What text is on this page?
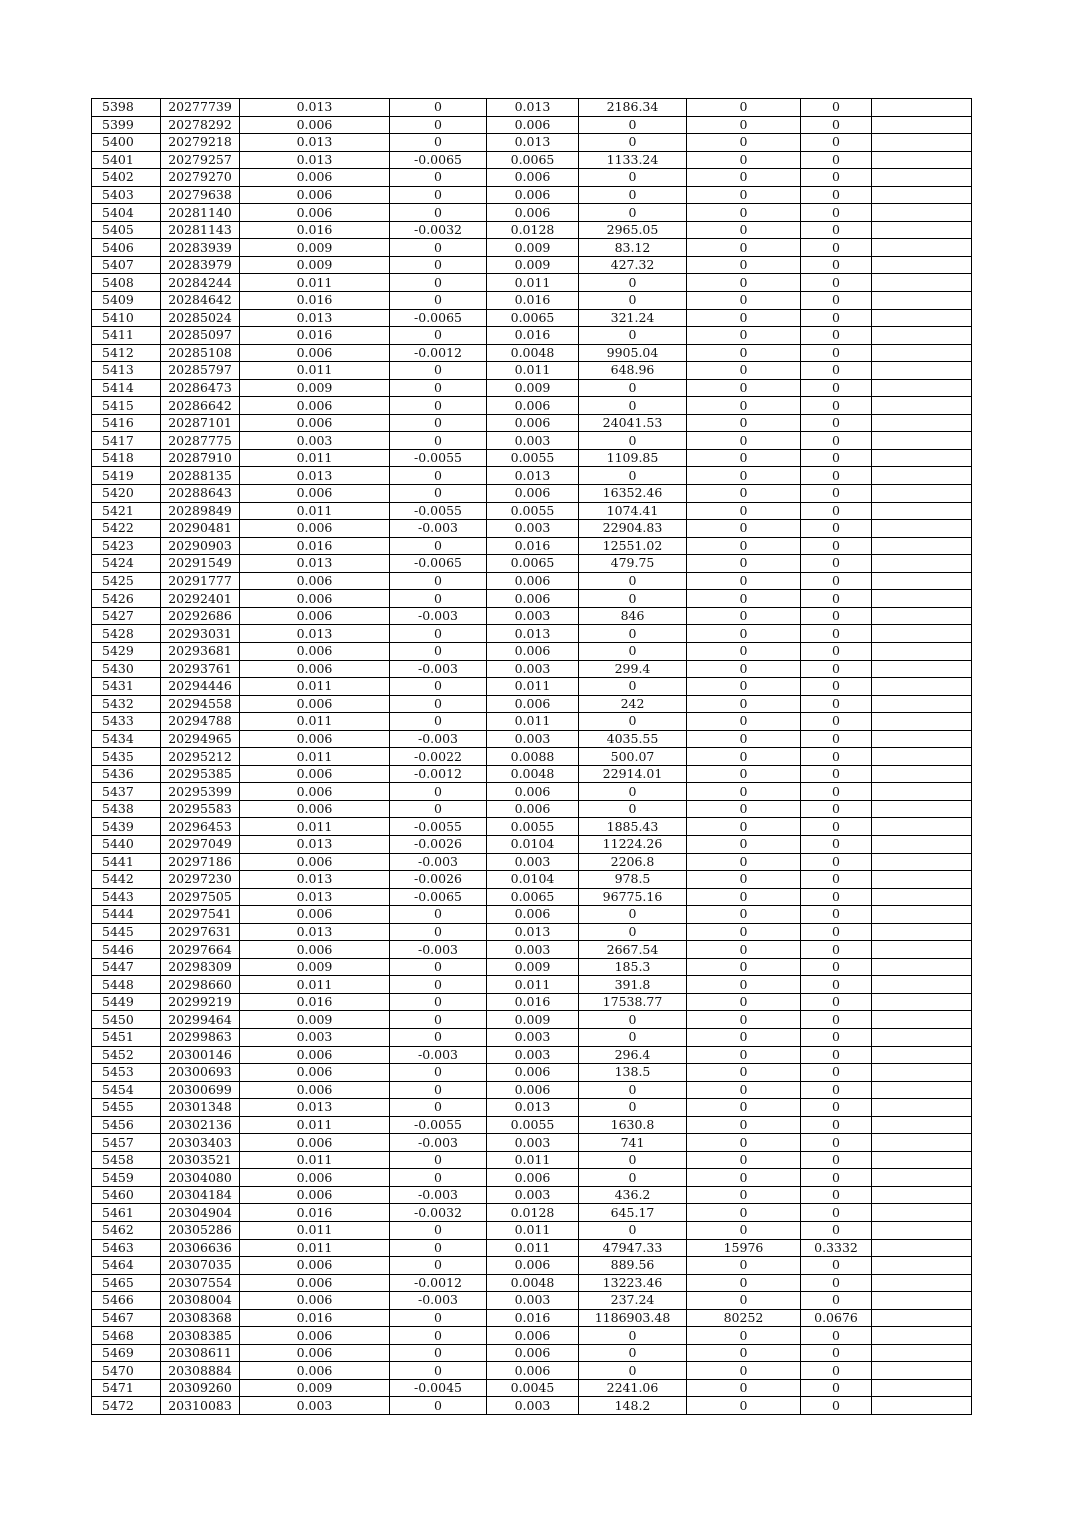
5398	20277739	0.013	0	0.013	2186.34	0	0	
5399	20278292	0.006	0	0.006	0	0	0	
5400	20279218	0.013	0	0.013	0	0	0	
5401	20279257	0.013	-0.0065	0.0065	1133.24	0	0	
5402	20279270	0.006	0	0.006	0	0	0	
5403	20279638	0.006	0	0.006	0	0	0	
5404	20281140	0.006	0	0.006	0	0	0	
5405	20281143	0.016	-0.0032	0.0128	2965.05	0	0	
5406	20283939	0.009	0	0.009	83.12	0	0	
5407	20283979	0.009	0	0.009	427.32	0	0	
5408	20284244	0.011	0	0.011	0	0	0	
5409	20284642	0.016	0	0.016	0	0	0	
5410	20285024	0.013	-0.0065	0.0065	321.24	0	0	
5411	20285097	0.016	0	0.016	0	0	0	
5412	20285108	0.006	-0.0012	0.0048	9905.04	0	0	
5413	20285797	0.011	0	0.011	648.96	0	0	
5414	20286473	0.009	0	0.009	0	0	0	
5415	20286642	0.006	0	0.006	0	0	0	
5416	20287101	0.006	0	0.006	24041.53	0	0	
5417	20287775	0.003	0	0.003	0	0	0	
5418	20287910	0.011	-0.0055	0.0055	1109.85	0	0	
5419	20288135	0.013	0	0.013	0	0	0	
5420	20288643	0.006	0	0.006	16352.46	0	0	
5421	20289849	0.011	-0.0055	0.0055	1074.41	0	0	
5422	20290481	0.006	-0.003	0.003	22904.83	0	0	
5423	20290903	0.016	0	0.016	12551.02	0	0	
5424	20291549	0.013	-0.0065	0.0065	479.75	0	0	
5425	20291777	0.006	0	0.006	0	0	0	
5426	20292401	0.006	0	0.006	0	0	0	
5427	20292686	0.006	-0.003	0.003	846	0	0	
5428	20293031	0.013	0	0.013	0	0	0	
5429	20293681	0.006	0	0.006	0	0	0	
5430	20293761	0.006	-0.003	0.003	299.4	0	0	
5431	20294446	0.011	0	0.011	0	0	0	
5432	20294558	0.006	0	0.006	242	0	0	
5433	20294788	0.011	0	0.011	0	0	0	
5434	20294965	0.006	-0.003	0.003	4035.55	0	0	
5435	20295212	0.011	-0.0022	0.0088	500.07	0	0	
5436	20295385	0.006	-0.0012	0.0048	22914.01	0	0	
5437	20295399	0.006	0	0.006	0	0	0	
5438	20295583	0.006	0	0.006	0	0	0	
5439	20296453	0.011	-0.0055	0.0055	1885.43	0	0	
5440	20297049	0.013	-0.0026	0.0104	11224.26	0	0	
5441	20297186	0.006	-0.003	0.003	2206.8	0	0	
5442	20297230	0.013	-0.0026	0.0104	978.5	0	0	
5443	20297505	0.013	-0.0065	0.0065	96775.16	0	0	
5444	20297541	0.006	0	0.006	0	0	0	
5445	20297631	0.013	0	0.013	0	0	0	
5446	20297664	0.006	-0.003	0.003	2667.54	0	0	
5447	20298309	0.009	0	0.009	185.3	0	0	
5448	20298660	0.011	0	0.011	391.8	0	0	
5449	20299219	0.016	0	0.016	17538.77	0	0	
5450	20299464	0.009	0	0.009	0	0	0	
5451	20299863	0.003	0	0.003	0	0	0	
5452	20300146	0.006	-0.003	0.003	296.4	0	0	
5453	20300693	0.006	0	0.006	138.5	0	0	
5454	20300699	0.006	0	0.006	0	0	0	
5455	20301348	0.013	0	0.013	0	0	0	
5456	20302136	0.011	-0.0055	0.0055	1630.8	0	0	
5457	20303403	0.006	-0.003	0.003	741	0	0	
5458	20303521	0.011	0	0.011	0	0	0	
5459	20304080	0.006	0	0.006	0	0	0	
5460	20304184	0.006	-0.003	0.003	436.2	0	0	
5461	20304904	0.016	-0.0032	0.0128	645.17	0	0	
5462	20305286	0.011	0	0.011	0	0	0	
5463	20306636	0.011	0	0.011	47947.33	15976	0.3332	
5464	20307035	0.006	0	0.006	889.56	0	0	
5465	20307554	0.006	-0.0012	0.0048	13223.46	0	0	
5466	20308004	0.006	-0.003	0.003	237.24	0	0	
5467	20308368	0.016	0	0.016	1186903.48	80252	0.0676	
5468	20308385	0.006	0	0.006	0	0	0	
5469	20308611	0.006	0	0.006	0	0	0	
5470	20308884	0.006	0	0.006	0	0	0	
5471	20309260	0.009	-0.0045	0.0045	2241.06	0	0	
5472	20310083	0.003	0	0.003	148.2	0	0	
